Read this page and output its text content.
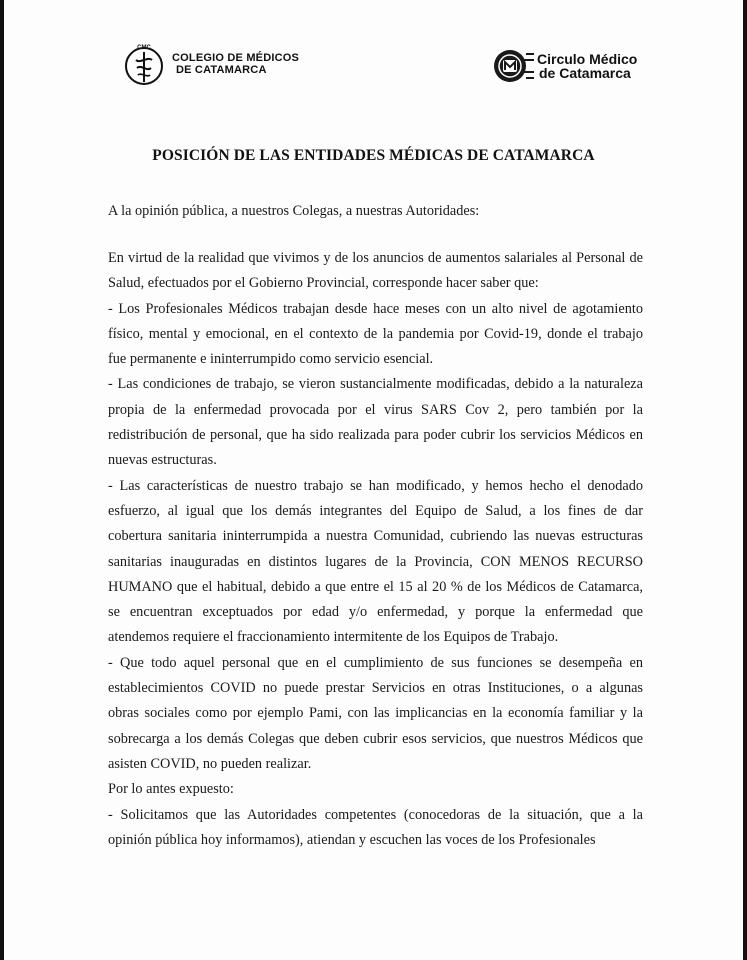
CMC
COLEGIO DE MÉDICOS
DE CATAMARCA
Circulo Médico
de Catamarca
POSICIÓN DE LAS ENTIDADES MÉDICAS DE CATAMARCA
A la opinión pública, a nuestros Colegas, a nuestras Autoridades:
En virtud de la realidad que vivimos y de los anuncios de aumentos salariales al Personal de
Salud, efectuados por el Gobierno Provincial, corresponde hacer saber que:
- Los Profesionales Médicos trabajan desde hace meses con un alto nivel de agotamiento
físico, mental y emocional, en el contexto de la pandemia por Covid-19, donde el trabajo
fue permanente e ininterrumpido como servicio esencial.
- Las condiciones de trabajo, se vieron sustancialmente modificadas, debido a la naturaleza
propia de la enfermedad provocada por el virus SARS Cov 2, pero también por la
redistribución de personal, que ha sido realizada para poder cubrir los servicios Médicos en
nuevas estructuras.
- Las características de nuestro trabajo se han modificado, y hemos hecho el denodado
esfuerzo, al igual que los demás integrantes del Equipo de Salud, a los fines de dar
cobertura sanitaria ininterrumpida a nuestra Comunidad, cubriendo las nuevas estructuras
sanitarias inauguradas en distintos lugares de la Provincia, CON MENOS RECURSO
HUMANO que el habitual, debido a que entre el 15 al 20 % de los Médicos de Catamarca,
se encuentran exceptuados por edad y/o enfermedad, y porque la enfermedad que
atendemos requiere el fraccionamiento intermitente de los Equipos de Trabajo.
- Que todo aquel personal que en el cumplimiento de sus funciones se desempeña en
establecimientos COVID no puede prestar Servicios en otras Instituciones, o a algunas
obras sociales como por ejemplo Pami, con las implicancias en la economía familiar y la
sobrecarga a los demás Colegas que deben cubrir esos servicios, que nuestros Médicos que
asisten COVID, no pueden realizar.
Por lo antes expuesto:
- Solicitamos que las Autoridades competentes (conocedoras de la situación, que a la
opinión pública hoy informamos), atiendan y escuchen las voces de los Profesionales
